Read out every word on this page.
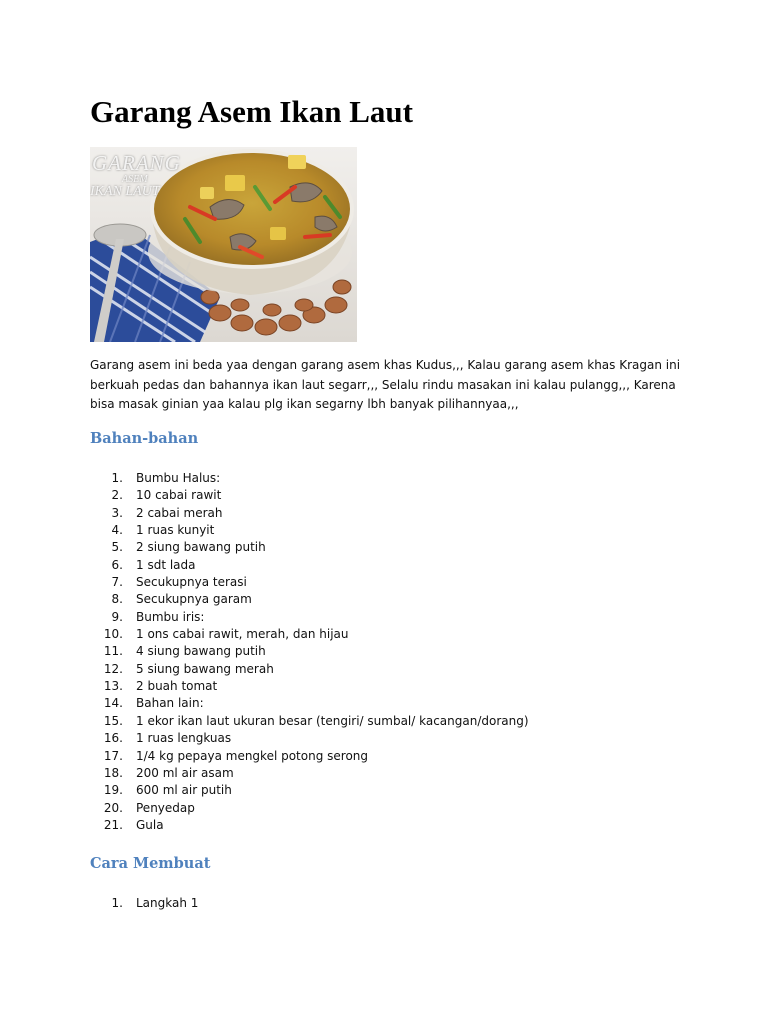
Garang Asem Ikan Laut
GARANG
ASEM
IKAN LAUT

Garang asem ini beda yaa dengan garang asem khas Kudus,,, Kalau garang asem khas Kragan ini berkuah pedas dan bahannya ikan laut segarr,,, Selalu rindu masakan ini kalau pulangg,,, Karena bisa masak ginian yaa kalau plg ikan segarny lbh banyak pilihannyaa,,,

Bahan-bahan
1. Bumbu Halus:
2. 10 cabai rawit
3. 2 cabai merah
4. 1 ruas kunyit
5. 2 siung bawang putih
6. 1 sdt lada
7. Secukupnya terasi
8. Secukupnya garam
9. Bumbu iris:
10. 1 ons cabai rawit, merah, dan hijau
11. 4 siung bawang putih
12. 5 siung bawang merah
13. 2 buah tomat
14. Bahan lain:
15. 1 ekor ikan laut ukuran besar (tengiri/ sumbal/ kacangan/dorang)
16. 1 ruas lengkuas
17. 1/4 kg pepaya mengkel potong serong
18. 200 ml air asam
19. 600 ml air putih
20. Penyedap
21. Gula
Cara Membuat
1. Langkah 1
